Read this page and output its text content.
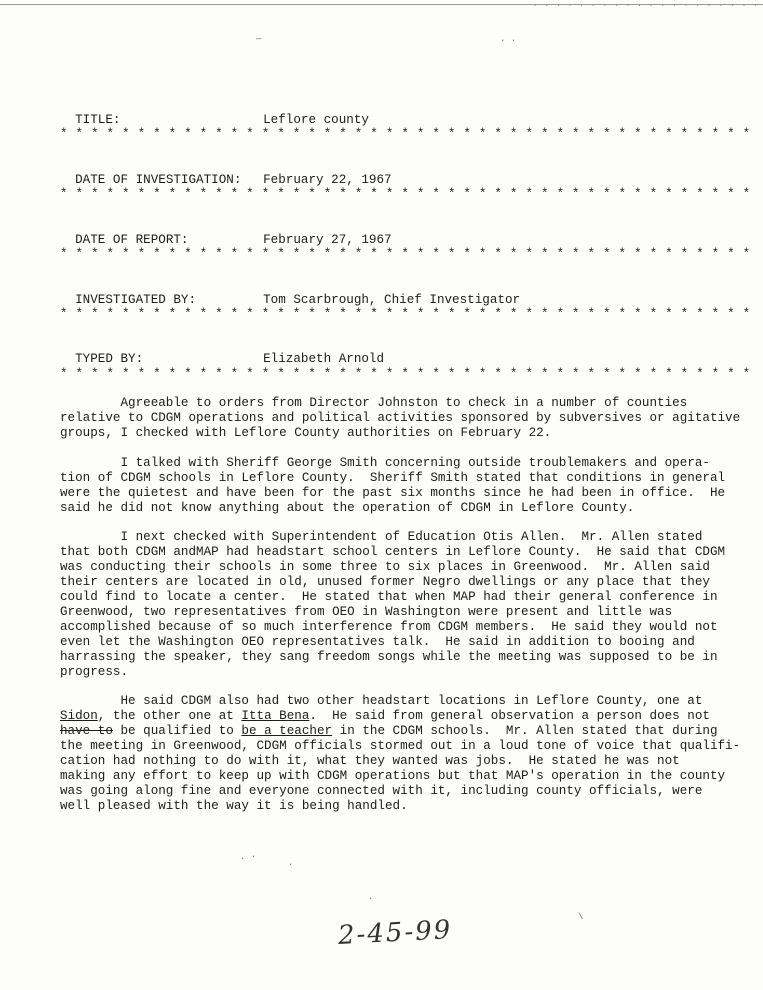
. . . . . . . . . . . . . . . . . . . .
—	. .

TITLE:	Leflore county

* * * * * * * * * * * * * * * * * * * * * * * * * * * * * * * * * * * * * * * * * * * * *

DATE OF INVESTIGATION: February 22, 1967

* * * * * * * * * * * * * * * * * * * * * * * * * * * * * * * * * * * * * * * * * * * * *

DATE OF REPORT:	February 27, 1967

* * * * * * * * * * * * * * * * * * * * * * * * * * * * * * * * * * * * * * * * * * * * *

INVESTIGATED BY:	Tom Scarbrough, Chief Investigator

* * * * * * * * * * * * * * * * * * * * * * * * * * * * * * * * * * * * * * * * * * * * *

TYPED BY:	Elizabeth Arnold

* * * * * * * * * * * * * * * * * * * * * * * * * * * * * * * * * * * * * * * * * * * * *
Agreeable to orders from Director Johnston to check in a number of counties
relative to CDGM operations and political activities sponsored by subversives or agitative
groups, I checked with Leflore County authorities on February 22.
I talked with Sheriff George Smith concerning outside troublemakers and opera-
tion of CDGM schools in Leflore County.  Sheriff Smith stated that conditions in general
were the quietest and have been for the past six months since he had been in office.  He
said he did not know anything about the operation of CDGM in Leflore County.
I next checked with Superintendent of Education Otis Allen.  Mr. Allen stated
that both CDGM andMAP had headstart school centers in Leflore County.  He said that CDGM
was conducting their schools in some three to six places in Greenwood.  Mr. Allen said
their centers are located in old, unused former Negro dwellings or any place that they
could find to locate a center.  He stated that when MAP had their general conference in
Greenwood, two representatives from OEO in Washington were present and little was
accomplished because of so much interference from CDGM members.  He said they would not
even let the Washington OEO representatives talk.  He said in addition to booing and
harrassing the speaker, they sang freedom songs while the meeting was supposed to be in
progress.
He said CDGM also had two other headstart locations in Leflore County, one at
Sidon, the other one at Itta Bena.  He said from general observation a person does not
have to be qualified to be a teacher in the CDGM schools.  Mr. Allen stated that during
the meeting in Greenwood, CDGM officials stormed out in a loud tone of voice that qualifi-
cation had nothing to do with it, what they wanted was jobs.  He stated he was not
making any effort to keep up with CDGM operations but that MAP's operation in the county
was going along fine and everyone connected with it, including county officials, were
well pleased with the way it is being handled.
. ·
.
.
\
2-45-99
